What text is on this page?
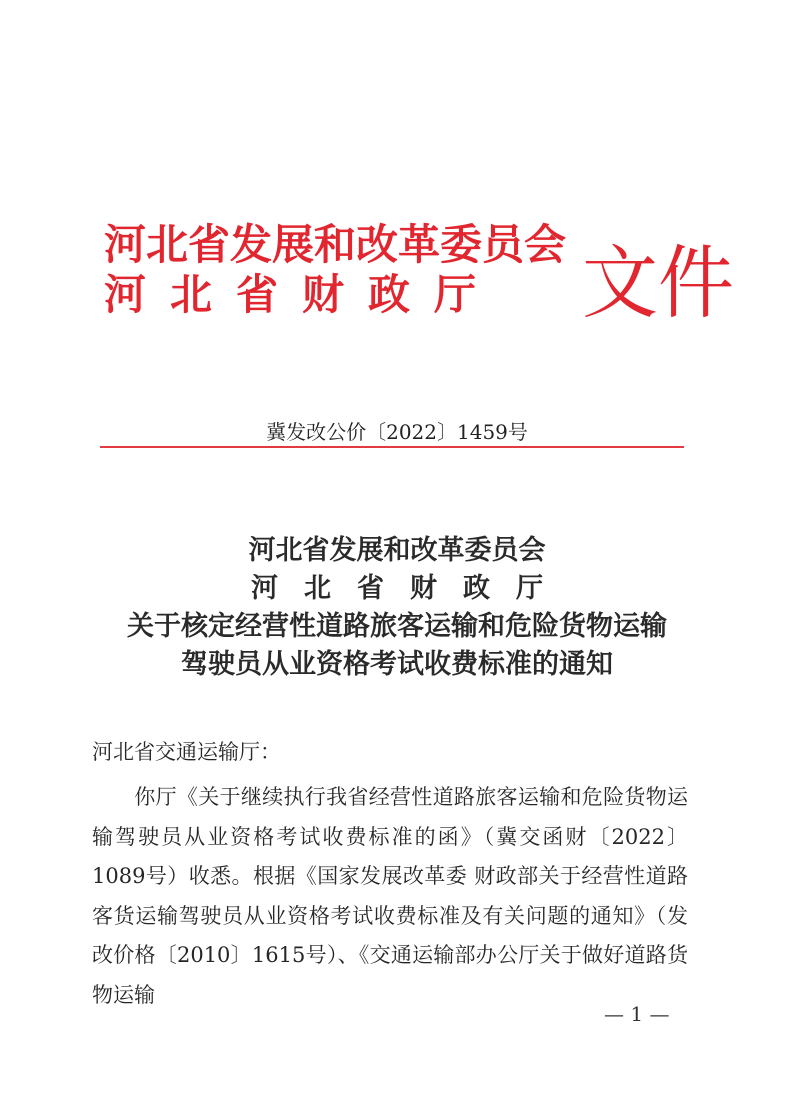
河北省发展和改革委员会
河北省财政厅 文件
冀发改公价〔2022〕1459号
河北省发展和改革委员会
河北省财政厅
关于核定经营性道路旅客运输和危险货物运输
驾驶员从业资格考试收费标准的通知
河北省交通运输厅：
你厅《关于继续执行我省经营性道路旅客运输和危险货物运输驾驶员从业资格考试收费标准的函》（冀交函财〔2022〕1089号）收悉。根据《国家发展改革委 财政部关于经营性道路客货运输驾驶员从业资格考试收费标准及有关问题的通知》（发改价格〔2010〕1615号）、《交通运输部办公厅关于做好道路货物运输
— 1 —
